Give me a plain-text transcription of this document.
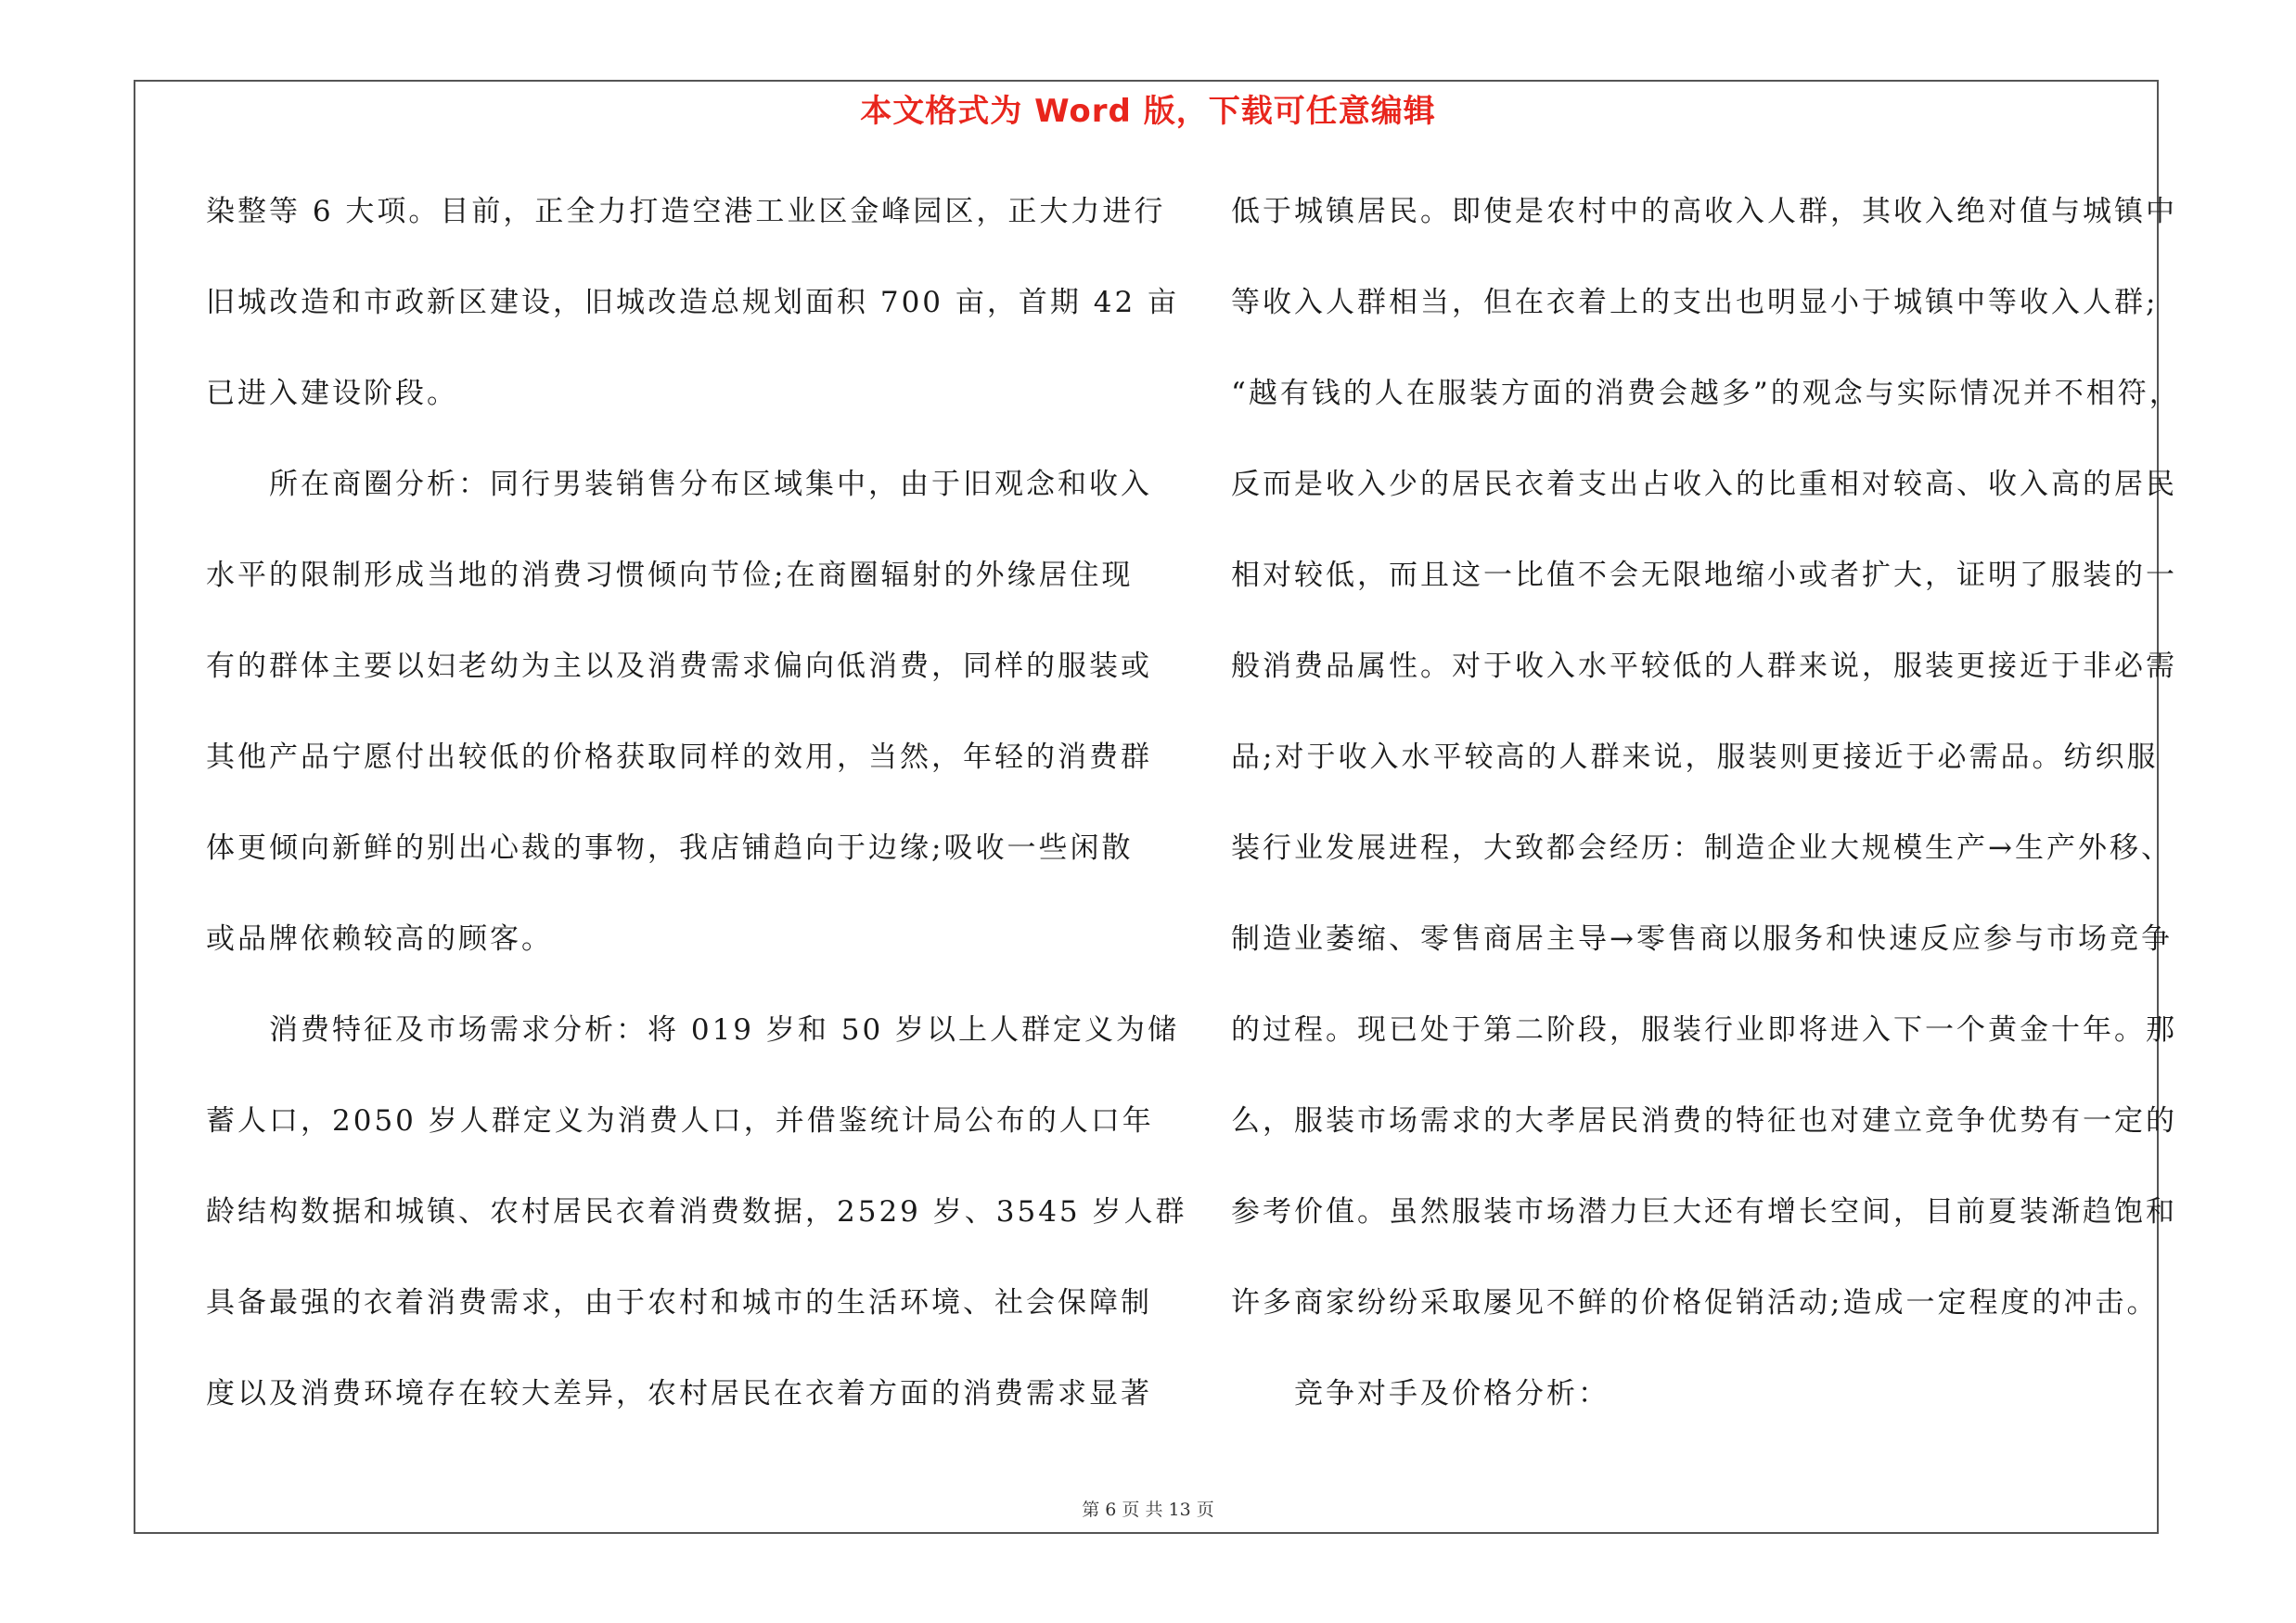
本文格式为 Word 版，下载可任意编辑
染整等 6 大项。目前，正全力打造空港工业区金峰园区，正大力进行
旧城改造和市政新区建设，旧城改造总规划面积 700 亩，首期 42 亩
已进入建设阶段。
所在商圈分析：同行男装销售分布区域集中，由于旧观念和收入
水平的限制形成当地的消费习惯倾向节俭;在商圈辐射的外缘居住现
有的群体主要以妇老幼为主以及消费需求偏向低消费，同样的服装或
其他产品宁愿付出较低的价格获取同样的效用，当然，年轻的消费群
体更倾向新鲜的别出心裁的事物，我店铺趋向于边缘;吸收一些闲散
或品牌依赖较高的顾客。
消费特征及市场需求分析：将 019 岁和 50 岁以上人群定义为储
蓄人口，2050 岁人群定义为消费人口，并借鉴统计局公布的人口年
龄结构数据和城镇、农村居民衣着消费数据，2529 岁、3545 岁人群
具备最强的衣着消费需求，由于农村和城市的生活环境、社会保障制
度以及消费环境存在较大差异，农村居民在衣着方面的消费需求显著
低于城镇居民。即使是农村中的高收入人群，其收入绝对值与城镇中
等收入人群相当，但在衣着上的支出也明显小于城镇中等收入人群;
“越有钱的人在服装方面的消费会越多”的观念与实际情况并不相符，
反而是收入少的居民衣着支出占收入的比重相对较高、收入高的居民
相对较低，而且这一比值不会无限地缩小或者扩大，证明了服装的一
般消费品属性。对于收入水平较低的人群来说，服装更接近于非必需
品;对于收入水平较高的人群来说，服装则更接近于必需品。纺织服
装行业发展进程，大致都会经历：制造企业大规模生产→生产外移、
制造业萎缩、零售商居主导→零售商以服务和快速反应参与市场竞争
的过程。现已处于第二阶段，服装行业即将进入下一个黄金十年。那
么，服装市场需求的大孝居民消费的特征也对建立竞争优势有一定的
参考价值。虽然服装市场潜力巨大还有增长空间，目前夏装渐趋饱和
许多商家纷纷采取屡见不鲜的价格促销活动;造成一定程度的冲击。
竞争对手及价格分析：
第 6 页 共 13 页
